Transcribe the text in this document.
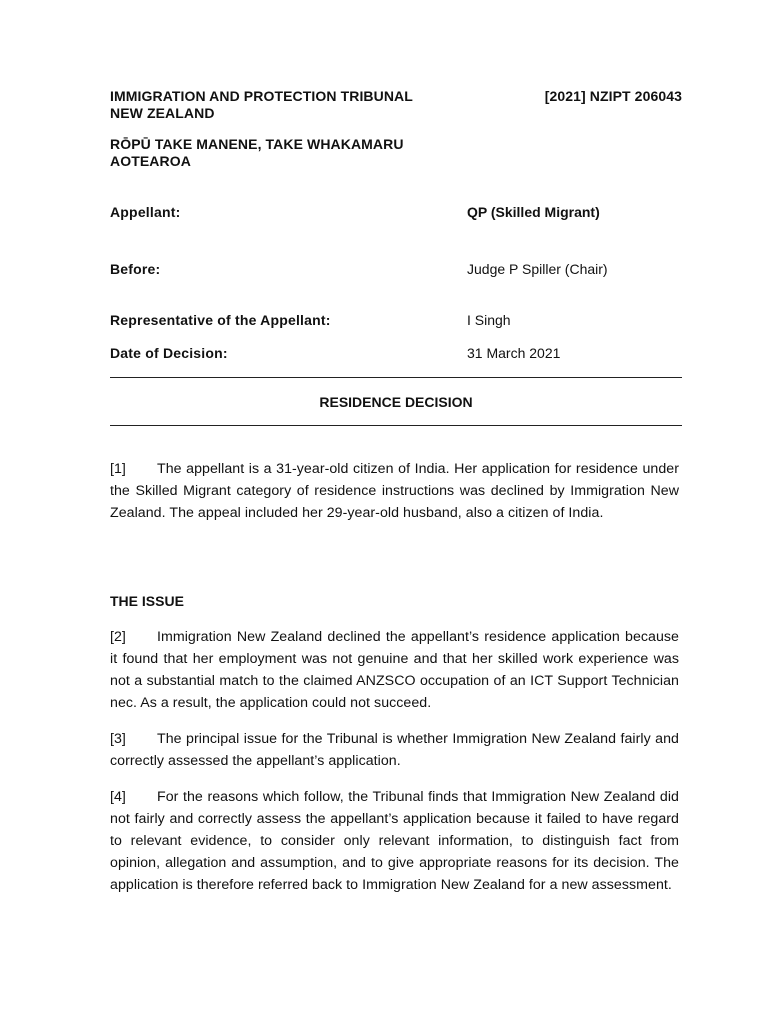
IMMIGRATION AND PROTECTION TRIBUNAL
NEW ZEALAND
[2021] NZIPT 206043
RŌPŪ TAKE MANENE, TAKE WHAKAMARU
AOTEAROA
Appellant:	QP (Skilled Migrant)
Before:	Judge P Spiller (Chair)
Representative of the Appellant:	I Singh
Date of Decision:	31 March 2021
RESIDENCE DECISION
[1] The appellant is a 31-year-old citizen of India. Her application for residence under the Skilled Migrant category of residence instructions was declined by Immigration New Zealand. The appeal included her 29-year-old husband, also a citizen of India.
THE ISSUE
[2] Immigration New Zealand declined the appellant’s residence application because it found that her employment was not genuine and that her skilled work experience was not a substantial match to the claimed ANZSCO occupation of an ICT Support Technician nec. As a result, the application could not succeed.
[3] The principal issue for the Tribunal is whether Immigration New Zealand fairly and correctly assessed the appellant’s application.
[4] For the reasons which follow, the Tribunal finds that Immigration New Zealand did not fairly and correctly assess the appellant’s application because it failed to have regard to relevant evidence, to consider only relevant information, to distinguish fact from opinion, allegation and assumption, and to give appropriate reasons for its decision. The application is therefore referred back to Immigration New Zealand for a new assessment.
